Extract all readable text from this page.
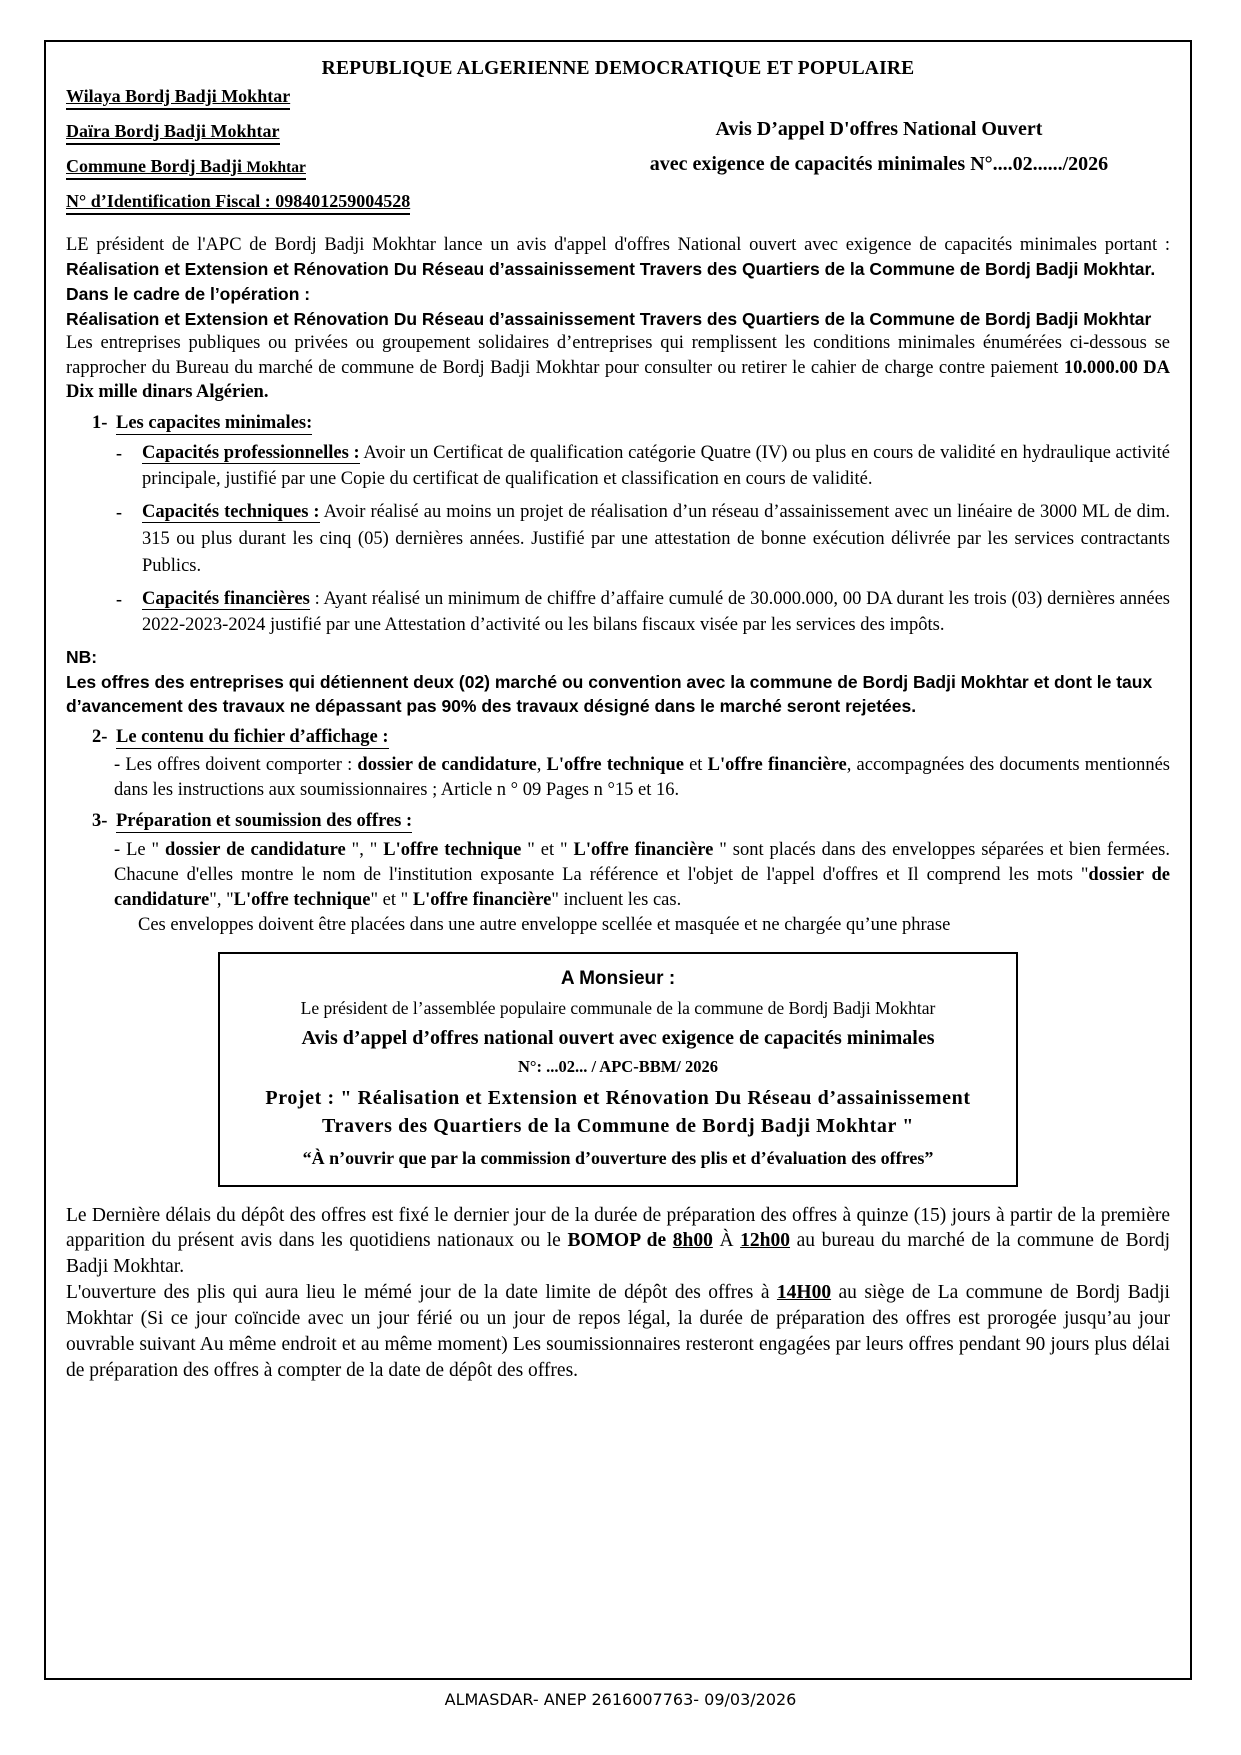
REPUBLIQUE ALGERIENNE DEMOCRATIQUE ET POPULAIRE
Wilaya Bordj Badji Mokhtar
Daïra Bordj Badji Mokhtar
Commune Bordj Badji Mokhtar
N° d’Identification Fiscal : 098401259004528
Avis D’appel D'offres National Ouvert
avec exigence de capacités minimales N°....02....../2026

LE président de l'APC de Bordj Badji Mokhtar lance un avis d'appel d'offres National ouvert avec exigence de capacités minimales portant : Réalisation et Extension et Rénovation Du Réseau d’assainissement Travers des Quartiers de la Commune de Bordj Badji Mokhtar.

Dans le cadre de l’opération :

Réalisation et Extension et Rénovation Du Réseau d’assainissement Travers des Quartiers de la Commune de Bordj Badji Mokhtar

Les entreprises publiques ou privées ou groupement solidaires d’entreprises qui remplissent les conditions minimales énumérées ci-dessous se rapprocher du Bureau du marché de commune de Bordj Badji Mokhtar pour consulter ou retirer le cahier de charge contre paiement 10.000.00 DA Dix mille dinars Algérien.

1- Les capacites minimales:
-	Capacités professionnelles : Avoir un Certificat de qualification catégorie Quatre (IV) ou plus en cours de validité en hydraulique activité principale, justifié par une Copie du certificat de qualification et classification en cours de validité.
-	Capacités techniques : Avoir réalisé au moins un projet de réalisation d’un réseau d’assainissement avec un linéaire de 3000 ML de dim. 315 ou plus durant les cinq (05) dernières années. Justifié par une attestation de bonne exécution délivrée par les services contractants Publics.
-	Capacités financières : Ayant réalisé un minimum de chiffre d’affaire cumulé de 30.000.000, 00 DA durant les trois (03) dernières années 2022-2023-2024 justifié par une Attestation d’activité ou les bilans fiscaux visée par les services des impôts.

NB:

Les offres des entreprises qui détiennent deux (02) marché ou convention avec la commune de Bordj Badji Mokhtar et dont le taux d’avancement des travaux ne dépassant pas 90% des travaux désigné dans le marché seront rejetées.

2- Le contenu du fichier d’affichage :

- Les offres doivent comporter : dossier de candidature, L'offre technique et L'offre financière, accompagnées des documents mentionnés dans les instructions aux soumissionnaires ; Article n ° 09 Pages n °15 et 16.

3- Préparation et soumission des offres :

- Le " dossier de candidature ", " L'offre technique " et " L'offre financière " sont placés dans des enveloppes séparées et bien fermées. Chacune d'elles montre le nom de l'institution exposante La référence et l'objet de l'appel d'offres et Il comprend les mots "dossier de candidature", "L'offre technique" et " L'offre financière" incluent les cas.

Ces enveloppes doivent être placées dans une autre enveloppe scellée et masquée et ne chargée qu’une phrase

A Monsieur :
Le président de l’assemblée populaire communale de la commune de Bordj Badji Mokhtar
Avis d’appel d’offres national ouvert avec exigence de capacités minimales
N°: ...02... / APC-BBM/ 2026
Projet : " Réalisation et Extension et Rénovation Du Réseau d’assainissement Travers des Quartiers de la Commune de Bordj Badji Mokhtar "
“À n’ouvrir que par la commission d’ouverture des plis et d’évaluation des offres”

Le Dernière délais du dépôt des offres est fixé le dernier jour de la durée de préparation des offres à quinze (15) jours à partir de la première apparition du présent avis dans les quotidiens nationaux ou le BOMOP de 8h00 À 12h00 au bureau du marché de la commune de Bordj Badji Mokhtar.

L'ouverture des plis qui aura lieu le mémé jour de la date limite de dépôt des offres à 14H00 au siège de La commune de Bordj Badji Mokhtar (Si ce jour coïncide avec un jour férié ou un jour de repos légal, la durée de préparation des offres est prorogée jusqu’au jour ouvrable suivant Au même endroit et au même moment) Les soumissionnaires resteront engagées par leurs offres pendant 90 jours plus délai de préparation des offres à compter de la date de dépôt des offres.

ALMASDAR- ANEP 2616007763- 09/03/2026
